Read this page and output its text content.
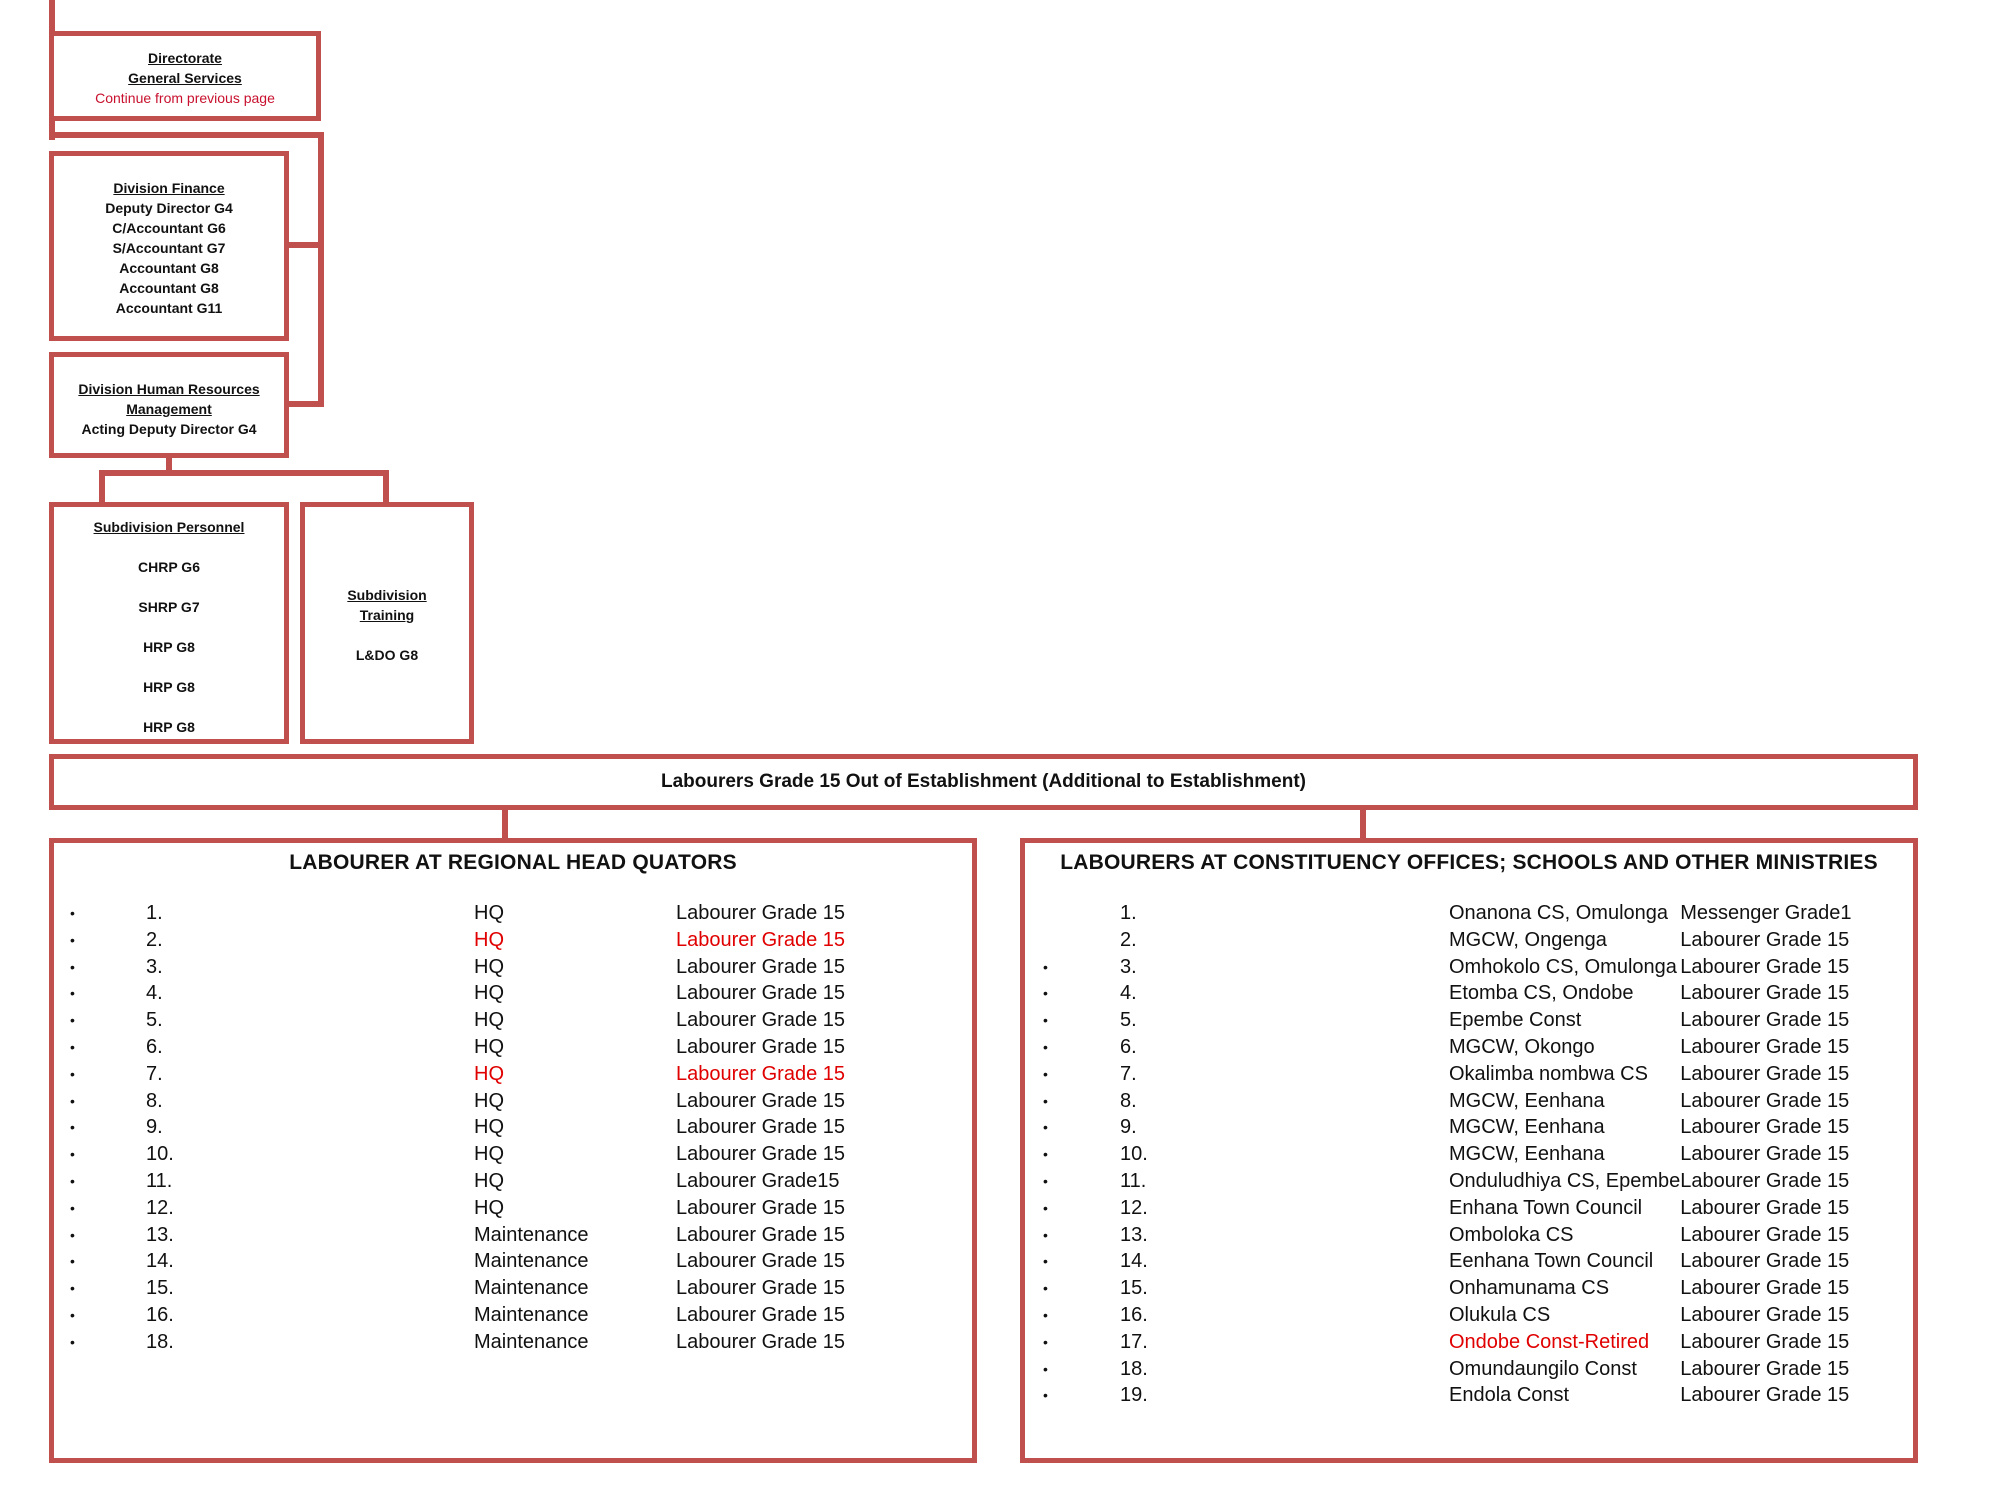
Directorate
General Services
Continue from previous page
Division Finance
Deputy Director G4
C/Accountant G6
S/Accountant G7
Accountant G8
Accountant G8
Accountant G11
Division Human Resources
Management
Acting Deputy Director G4
Subdivision Personnel
CHRP G6
SHRP G7
HRP G8
HRP G8
HRP G8
Subdivision
Training
L&DO G8
Labourers Grade 15 Out of Establishment (Additional to Establishment)
LABOURER AT REGIONAL HEAD QUATORS
•	1.	HQ	Labourer Grade 15
•	2.	HQ	Labourer Grade 15
•	3.	HQ	Labourer Grade 15
•	4.	HQ	Labourer Grade 15
•	5.	HQ	Labourer Grade 15
•	6.	HQ	Labourer Grade 15
•	7.	HQ	Labourer Grade 15
•	8.	HQ	Labourer Grade 15
•	9.	HQ	Labourer Grade 15
•	10.	HQ	Labourer Grade 15
•	11.	HQ	Labourer Grade15
•	12.	HQ	Labourer Grade 15
•	13.	Maintenance	Labourer Grade 15
•	14.	Maintenance	Labourer Grade 15
•	15.	Maintenance	Labourer Grade 15
•	16.	Maintenance	Labourer Grade 15
•	18.	Maintenance	Labourer Grade 15
LABOURERS AT CONSTITUENCY OFFICES; SCHOOLS AND OTHER MINISTRIES
	1.	Onanona CS, Omulonga	Messenger Grade1
	2.	MGCW, Ongenga	Labourer Grade 15
•	3.	Omhokolo CS, Omulonga	Labourer Grade 15
•	4.	Etomba CS, Ondobe	Labourer Grade 15
•	5.	Epembe Const	Labourer Grade 15
•	6.	MGCW, Okongo	Labourer Grade 15
•	7.	Okalimba nombwa CS	Labourer Grade 15
•	8.	MGCW, Eenhana	Labourer Grade 15
•	9.	MGCW, Eenhana	Labourer Grade 15
•	10.	MGCW, Eenhana	Labourer Grade 15
•	11.	Onduludhiya CS, Epembe	Labourer Grade 15
•	12.	Enhana Town Council	Labourer Grade 15
•	13.	Omboloka CS	Labourer Grade 15
•	14.	Eenhana Town Council	Labourer Grade 15
•	15.	Onhamunama CS	Labourer Grade 15
•	16.	Olukula CS	Labourer Grade 15
•	17.	Ondobe Const-Retired	Labourer Grade 15
•	18.	Omundaungilo Const	Labourer Grade 15
•	19.	Endola Const	Labourer Grade 15
